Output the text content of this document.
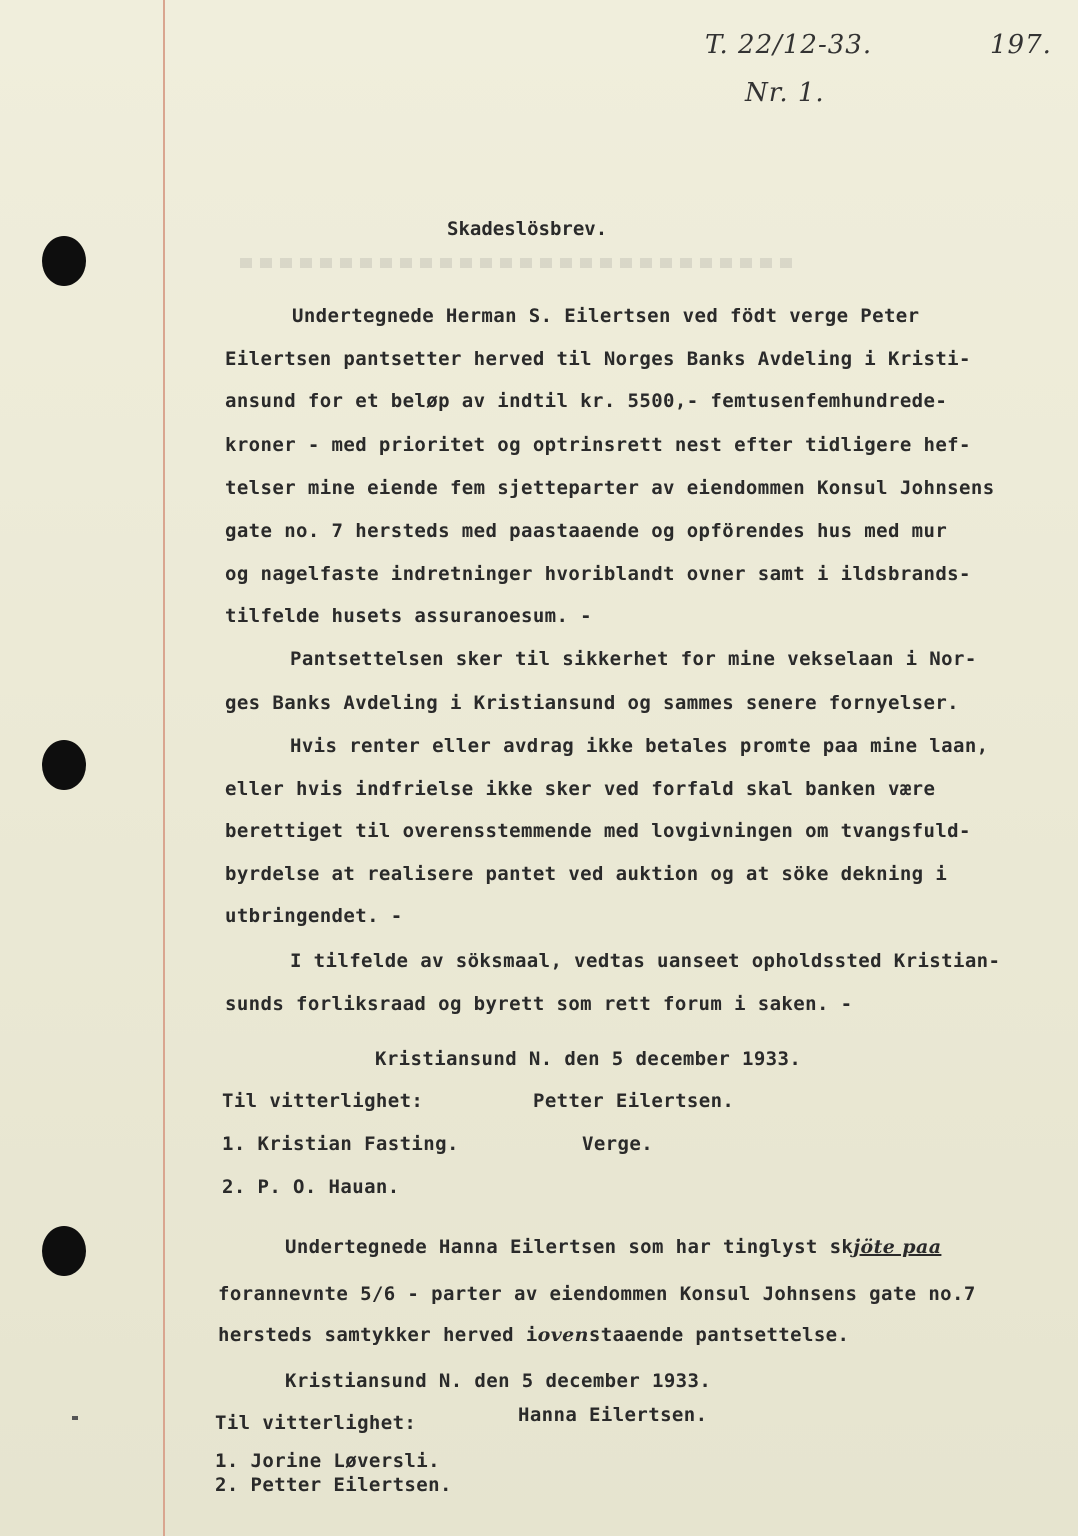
T. 22/12-33.
Nr. 1.
197.
Skadeslösbrev.
Undertegnede Herman S. Eilertsen ved födt verge Peter
Eilertsen pantsetter herved til Norges Banks Avdeling i Kristi-
ansund for et beløp av indtil kr. 5500,- femtusenfemhundrede-
kroner - med prioritet og optrinsrett nest efter tidligere hef-
telser mine eiende fem sjetteparter av eiendommen Konsul Johnsens
gate no. 7 hersteds med paastaaende og opförendes hus med mur
og nagelfaste indretninger hvoriblandt ovner samt i ildsbrands-
tilfelde husets assuranoesum. -
Pantsettelsen sker til sikkerhet for mine vekselaan i Nor-
ges Banks Avdeling i Kristiansund og sammes senere fornyelser.
Hvis renter eller avdrag ikke betales promte paa mine laan,
eller hvis indfrielse ikke sker ved forfald skal banken være
berettiget til overensstemmende med lovgivningen om tvangsfuld-
byrdelse at realisere pantet ved auktion og at söke dekning i
utbringendet. -
I tilfelde av söksmaal, vedtas uanseet opholdssted Kristian-
sunds forliksraad og byrett som rett forum i saken. -
Kristiansund N. den 5 december 1933.
Til vitterlighet:	Petter Eilertsen.
1. Kristian Fasting.	Verge.
2. P. O. Hauan.
Undertegnede Hanna Eilertsen som har tinglyst skjöte paa
forannevnte 5/6 - parter av eiendommen Konsul Johnsens gate no.7
hersteds samtykker herved iovenstaaende pantsettelse.
Kristiansund N. den 5 december 1933.
Til vitterlighet:	Hanna Eilertsen.
1. Jorine Løversli.
2. Petter Eilertsen.
